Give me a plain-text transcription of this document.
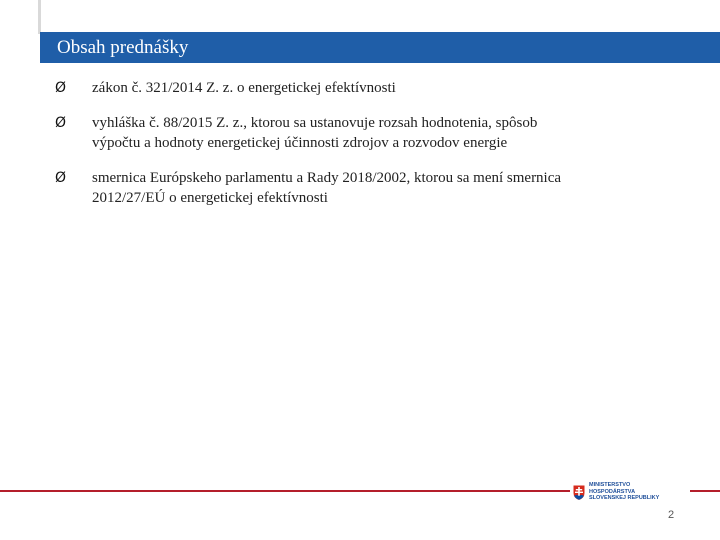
Obsah prednášky
Ø zákon č. 321/2014 Z. z. o energetickej efektívnosti
Ø vyhláška č. 88/2015 Z. z., ktorou sa ustanovuje rozsah hodnotenia, spôsob
výpočtu a hodnoty energetickej účinnosti zdrojov a rozvodov energie
Ø smernica Európskeho parlamentu a Rady 2018/2002, ktorou sa mení smernica
2012/27/EÚ o energetickej efektívnosti
MINISTERSTVO
HOSPODÁRSTVA
SLOVENSKEJ REPUBLIKY
2
